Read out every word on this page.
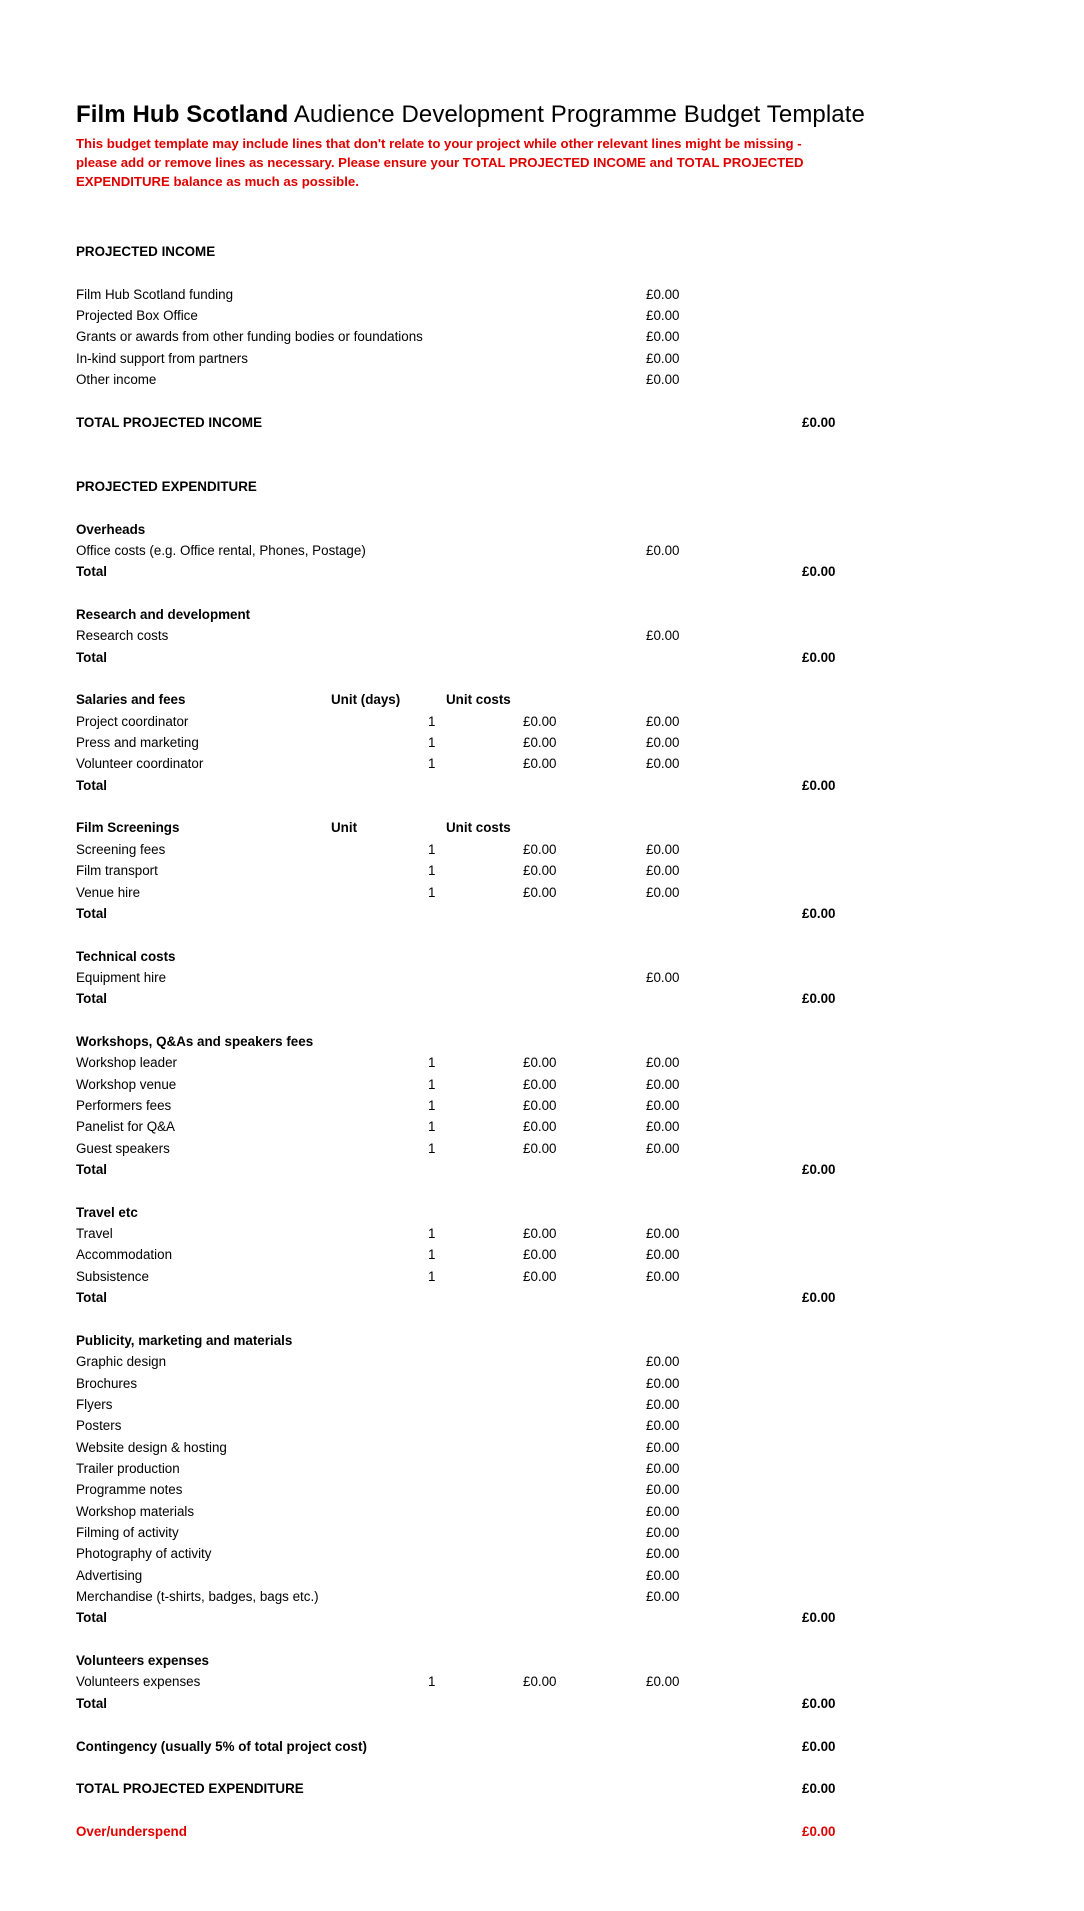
Film Hub Scotland Audience Development Programme Budget Template
This budget template may include lines that don't relate to your project while other relevant lines might be missing - please add or remove lines as necessary. Please ensure your TOTAL PROJECTED INCOME and TOTAL PROJECTED EXPENDITURE balance as much as possible.
PROJECTED INCOME
Film Hub Scotland funding	£0.00
Projected Box Office	£0.00
Grants or awards from other funding bodies or foundations	£0.00
In-kind support from partners	£0.00
Other income	£0.00
TOTAL PROJECTED INCOME	£0.00
PROJECTED EXPENDITURE
Overheads
Office costs (e.g. Office rental, Phones, Postage)	£0.00
Total	£0.00
Research and development
Research costs	£0.00
Total	£0.00
Salaries and fees	Unit (days)	Unit costs
Project coordinator	1	£0.00	£0.00
Press and marketing	1	£0.00	£0.00
Volunteer coordinator	1	£0.00	£0.00
Total	£0.00
Film Screenings	Unit	Unit costs
Screening fees	1	£0.00	£0.00
Film transport	1	£0.00	£0.00
Venue hire	1	£0.00	£0.00
Total	£0.00
Technical costs
Equipment hire	£0.00
Total	£0.00
Workshops, Q&As and speakers fees
Workshop leader	1	£0.00	£0.00
Workshop venue	1	£0.00	£0.00
Performers fees	1	£0.00	£0.00
Panelist for Q&A	1	£0.00	£0.00
Guest speakers	1	£0.00	£0.00
Total	£0.00
Travel etc
Travel	1	£0.00	£0.00
Accommodation	1	£0.00	£0.00
Subsistence	1	£0.00	£0.00
Total	£0.00
Publicity, marketing and materials
Graphic design	£0.00
Brochures	£0.00
Flyers	£0.00
Posters	£0.00
Website design & hosting	£0.00
Trailer production	£0.00
Programme notes	£0.00
Workshop materials	£0.00
Filming of activity	£0.00
Photography of activity	£0.00
Advertising	£0.00
Merchandise (t-shirts, badges, bags etc.)	£0.00
Total	£0.00
Volunteers expenses
Volunteers expenses	1	£0.00	£0.00
Total	£0.00
Contingency (usually 5% of total project cost)	£0.00
TOTAL PROJECTED EXPENDITURE	£0.00
Over/underspend	£0.00
